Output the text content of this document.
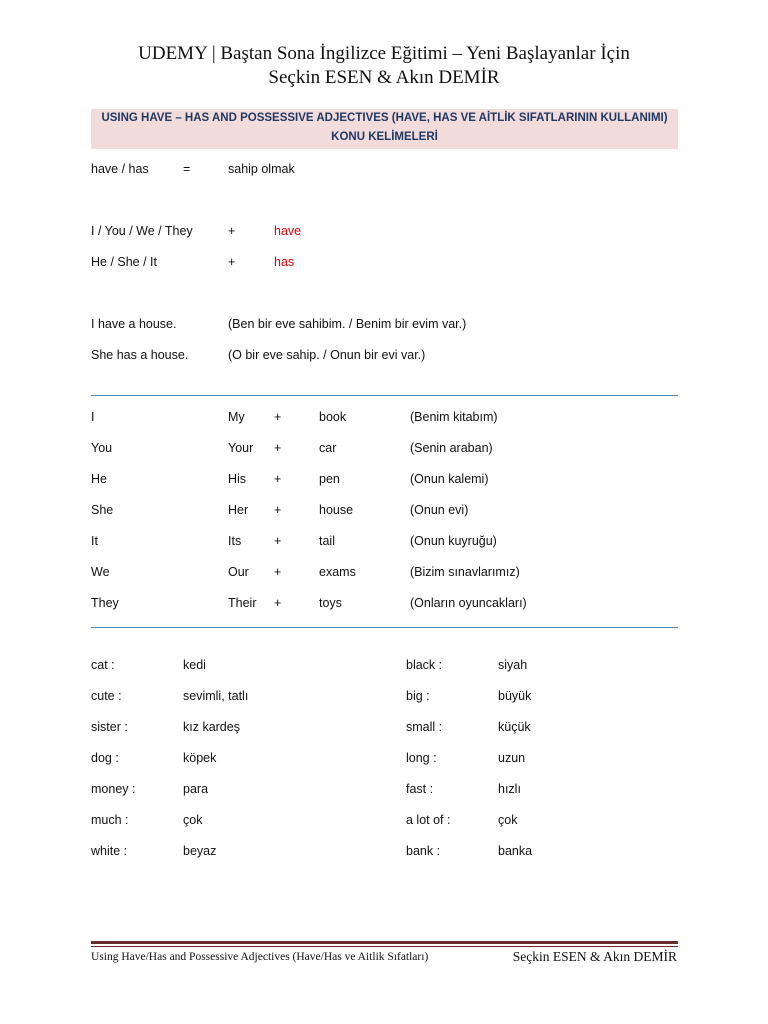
UDEMY | Baştan Sona İngilizce Eğitimi – Yeni Başlayanlar İçin
Seçkin ESEN & Akın DEMİR
USING HAVE – HAS AND POSSESSIVE ADJECTIVES (HAVE, HAS VE AİTLİK SIFATLARININ KULLANIMI)
KONU KELİMELERİ
have / has	=	sahip olmak
I / You / We / They	+	have
He / She / It	+	has
I have a house.	(Ben bir eve sahibim. / Benim bir evim var.)
She has a house.	(O bir eve sahip. / Onun bir evi var.)
I	My +	book	(Benim kitabım)
You	Your +	car	(Senin araban)
He	His +	pen	(Onun kalemi)
She	Her +	house	(Onun evi)
It	Its	+	tail	(Onun kuyruğu)
We	Our +	exams	(Bizim sınavlarımız)
They	Their +	toys	(Onların oyuncakları)
cat :	kedi	black :	siyah
cute :	sevimli, tatlı	big :	büyük
sister :	kız kardeş	small :	küçük
dog :	köpek	long :	uzun
money :	para	fast :	hızlı
much :	çok	a lot of :	çok
white :	beyaz	bank :	banka
Using Have/Has and Possessive Adjectives (Have/Has ve Aitlik Sıfatları)	Seçkin ESEN & Akın DEMİR
